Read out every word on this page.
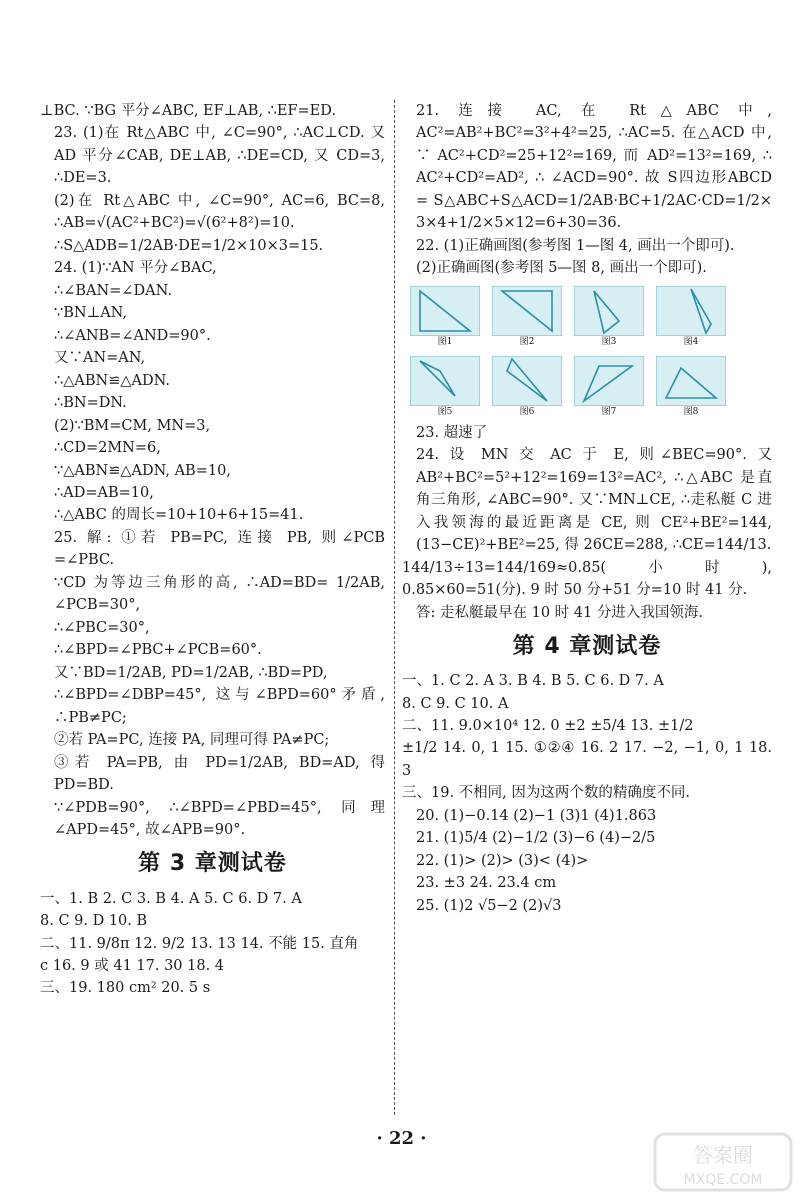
⊥BC. ∵BG 平分∠ABC, EF⊥AB, ∴EF=ED.

23. (1)在 Rt△ABC 中, ∠C=90°, ∴AC⊥CD. 又 AD 平分∠CAB, DE⊥AB, ∴DE=CD, 又 CD=3, ∴DE=3.

(2)在 Rt△ABC 中, ∠C=90°, AC=6, BC=8, ∴AB=√(AC²+BC²)=√(6²+8²)=10.

∴S△ADB=1/2AB·DE=1/2×10×3=15.

24. (1)∵AN 平分∠BAC,

∴∠BAN=∠DAN.

∵BN⊥AN,

∴∠ANB=∠AND=90°.

又∵AN=AN,

∴△ABN≌△ADN.

∴BN=DN.

(2)∵BM=CM, MN=3,

∴CD=2MN=6,

∵△ABN≌△ADN, AB=10,

∴AD=AB=10,

∴△ABC 的周长=10+10+6+15=41.

25. 解: ①若 PB=PC, 连接 PB, 则∠PCB =∠PBC.

∵CD 为等边三角形的高, ∴AD=BD= 1/2AB, ∠PCB=30°,

∴∠PBC=30°,

∴∠BPD=∠PBC+∠PCB=60°.

又∵BD=1/2AB, PD=1/2AB, ∴BD=PD,

∴∠BPD=∠DBP=45°, 这与∠BPD=60°矛盾, ∴PB≠PC;

②若 PA=PC, 连接 PA, 同理可得 PA≠PC;

③若 PA=PB, 由 PD=1/2AB, BD=AD, 得 PD=BD.

∵∠PDB=90°, ∴∠BPD=∠PBD=45°, 同理∠APD=45°, 故∠APB=90°.

第 3 章测试卷

一、1. B 2. C 3. B 4. A 5. C 6. D 7. A

8. C 9. D 10. B

二、11. 9/8π 12. 9/2 13. 13 14. 不能 15. 直角

c 16. 9 或 41 17. 30 18. 4

三、19. 180 cm² 20. 5 s

21. 连接 AC, 在 Rt△ABC 中, AC²=AB²+BC²=3²+4²=25, ∴AC=5. 在△ACD 中, ∵ AC²+CD²=25+12²=169, 而 AD²=13²=169, ∴ AC²+CD²=AD², ∴ ∠ACD=90°. 故 S四边形ABCD = S△ABC+S△ACD=1/2AB·BC+1/2AC·CD=1/2× 3×4+1/2×5×12=6+30=36.

22. (1)正确画图(参考图 1—图 4, 画出一个即可).

(2)正确画图(参考图 5—图 8, 画出一个即可).

图1	图2	图3	图4
图5	图6	图7	图8

23. 超速了

24. 设 MN 交 AC 于 E, 则∠BEC=90°. 又 AB²+BC²=5²+12²=169=13²=AC², ∴△ABC 是直角三角形, ∠ABC=90°. 又∵MN⊥CE, ∴走私艇 C 进入我领海的最近距离是 CE, 则 CE²+BE²=144, (13−CE)²+BE²=25, 得 26CE=288, ∴CE=144/13.

144/13÷13=144/169≈0.85(小时), 0.85×60=51(分). 9 时 50 分+51 分=10 时 41 分.

答: 走私艇最早在 10 时 41 分进入我国领海.

第 4 章测试卷

一、1. C 2. A 3. B 4. B 5. C 6. D 7. A

8. C 9. C 10. A

二、11. 9.0×10⁴ 12. 0 ±2 ±5/4 13. ±1/2

±1/2 14. 0, 1 15. ①②④ 16. 2 17. −2, −1, 0, 1 18. 3

三、19. 不相同, 因为这两个数的精确度不同.

20. (1)−0.14 (2)−1 (3)1 (4)1.863

21. (1)5/4 (2)−1/2 (3)−6 (4)−2/5

22. (1)> (2)> (3)< (4)>

23. ±3 24. 23.4 cm

25. (1)2 √5−2 (2)√3

· 22 ·
答案圈
MXQE.COM
